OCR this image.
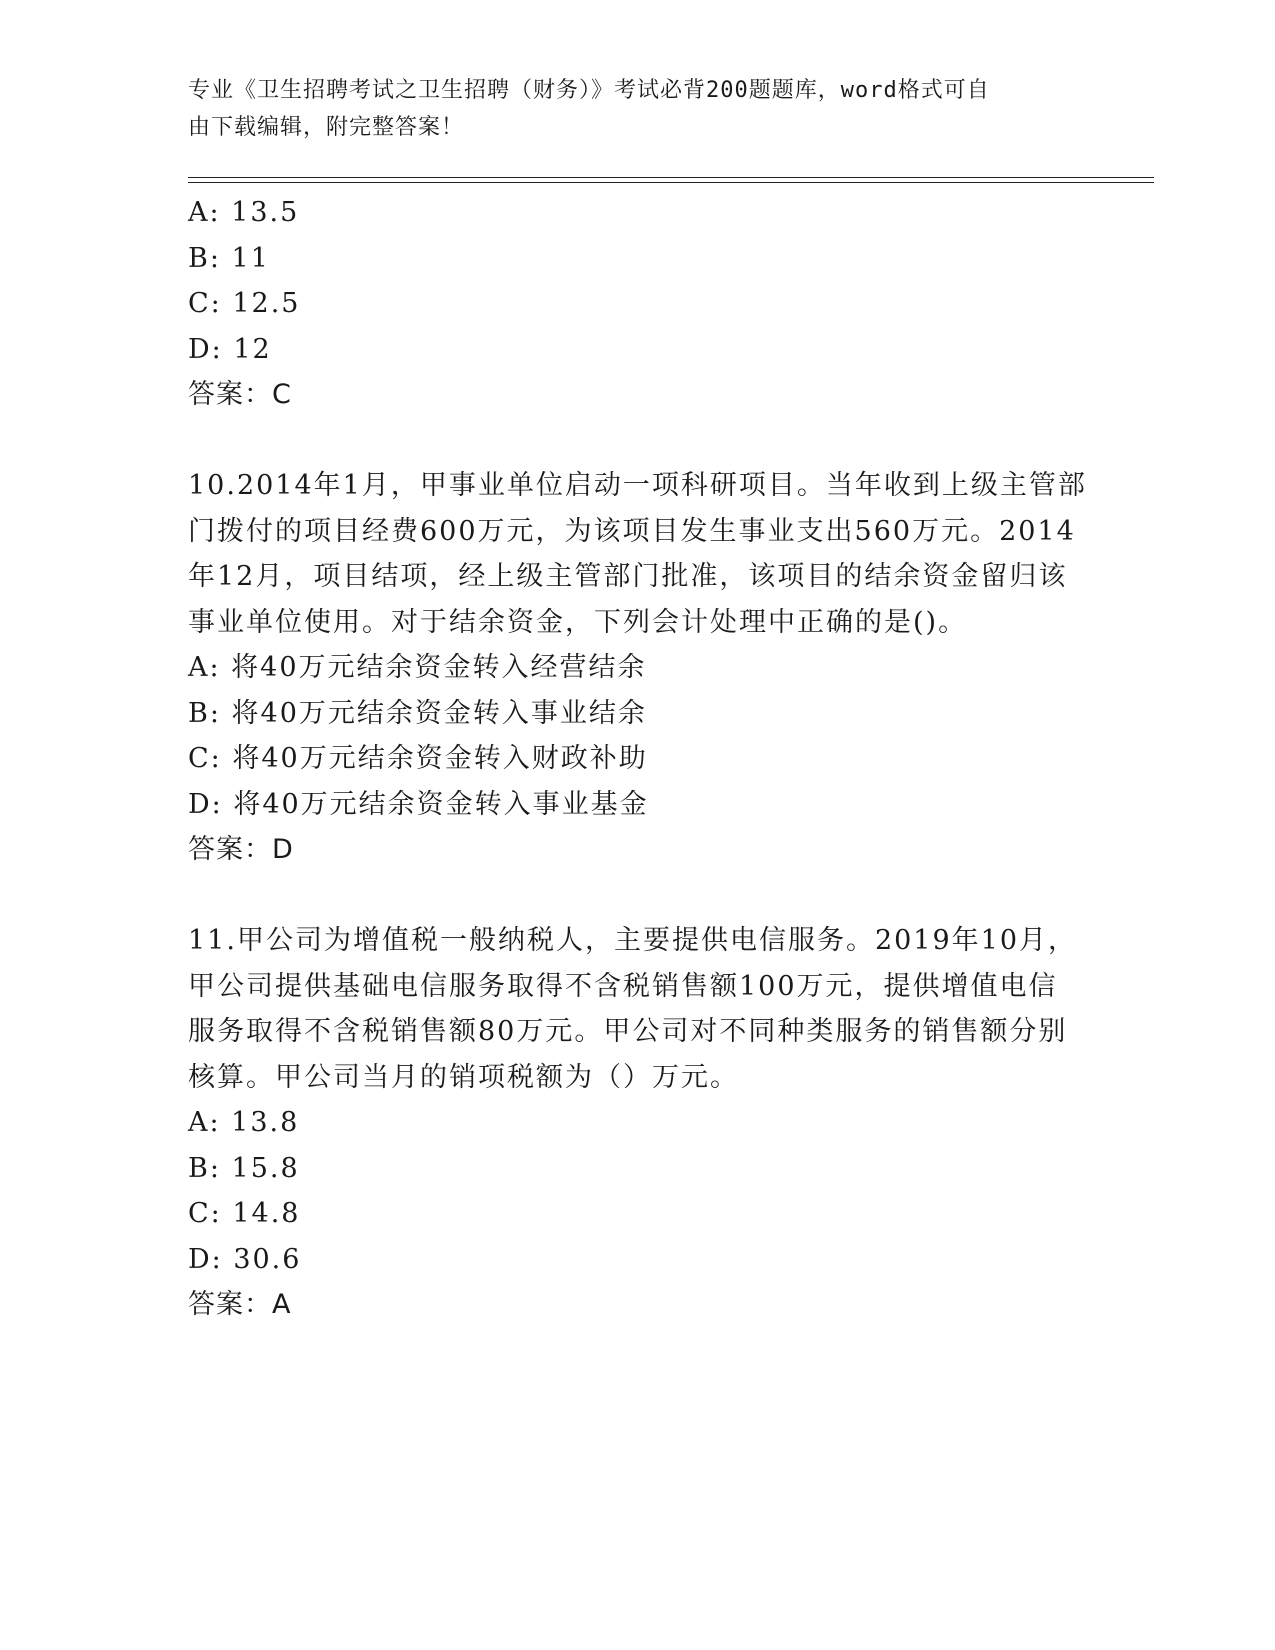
专业《卫生招聘考试之卫生招聘（财务）》考试必背200题题库，word格式可自
由下载编辑，附完整答案！
A: 13.5
B: 11
C: 12.5
D: 12
答案：C

10.2014年1月，甲事业单位启动一项科研项目。当年收到上级主管部

门拨付的项目经费600万元，为该项目发生事业支出560万元。2014

年12月，项目结项，经上级主管部门批准，该项目的结余资金留归该

事业单位使用。对于结余资金，下列会计处理中正确的是()。

A: 将40万元结余资金转入经营结余
B: 将40万元结余资金转入事业结余
C: 将40万元结余资金转入财政补助
D: 将40万元结余资金转入事业基金
答案：D

11.甲公司为增值税一般纳税人，主要提供电信服务。2019年10月，

甲公司提供基础电信服务取得不含税销售额100万元，提供增值电信

服务取得不含税销售额80万元。甲公司对不同种类服务的销售额分别

核算。甲公司当月的销项税额为（）万元。

A: 13.8
B: 15.8
C: 14.8
D: 30.6
答案：A
